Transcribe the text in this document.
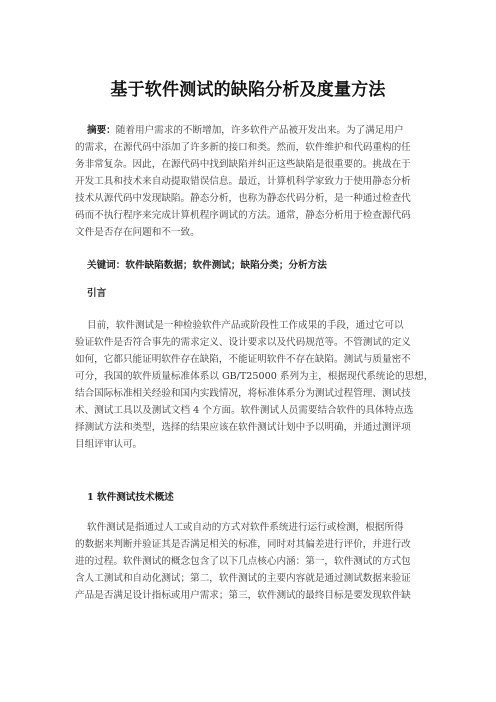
基于软件测试的缺陷分析及度量方法
摘要：随着用户需求的不断增加，许多软件产品被开发出来。为了满足用户
的需求，在源代码中添加了许多新的接口和类。然而，软件维护和代码重构的任
务非常复杂。因此，在源代码中找到缺陷并纠正这些缺陷是很重要的。挑战在于
开发工具和技术来自动提取错误信息。最近，计算机科学家致力于使用静态分析
技术从源代码中发现缺陷。静态分析，也称为静态代码分析，是一种通过检查代
码而不执行程序来完成计算机程序调试的方法。通常，静态分析用于检查源代码
文件是否存在问题和不一致。
关键词：软件缺陷数据；软件测试；缺陷分类；分析方法
引言
目前，软件测试是一种检验软件产品或阶段性工作成果的手段，通过它可以
验证软件是否符合事先的需求定义、设计要求以及代码规范等。不管测试的定义
如何，它都只能证明软件存在缺陷，不能证明软件不存在缺陷。测试与质量密不
可分，我国的软件质量标准体系以 GB/T25000 系列为主，根据现代系统论的思想，
结合国际标准相关经验和国内实践情况，将标准体系分为测试过程管理、测试技
术、测试工具以及测试文档 4 个方面。软件测试人员需要结合软件的具体特点选
择测试方法和类型，选择的结果应该在软件测试计划中予以明确，并通过测评项
目组评审认可。
1 软件测试技术概述
软件测试是指通过人工或自动的方式对软件系统进行运行或检测，根据所得
的数据来判断并验证其是否满足相关的标准，同时对其偏差进行评价，并进行改
进的过程。软件测试的概念包含了以下几点核心内涵：第一，软件测试的方式包
含人工测试和自动化测试；第二，软件测试的主要内容就是通过测试数据来验证
产品是否满足设计指标或用户需求；第三，软件测试的最终目标是要发现软件缺
